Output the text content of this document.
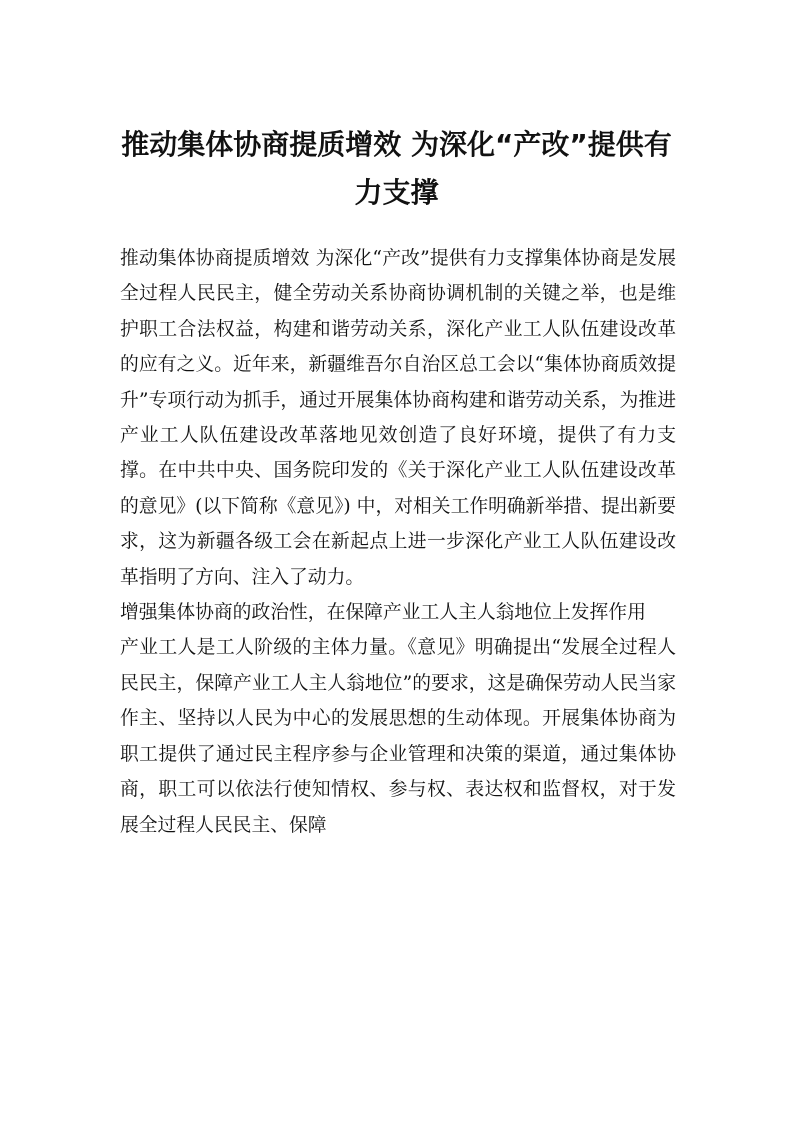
推动集体协商提质增效 为深化“产改”提供有力支撑

推动集体协商提质增效 为深化“产改”提供有力支撑集体协商是发展全过程人民民主，健全劳动关系协商协调机制的关键之举，也是维护职工合法权益，构建和谐劳动关系，深化产业工人队伍建设改革的应有之义。近年来，新疆维吾尔自治区总工会以“集体协商质效提升”专项行动为抓手，通过开展集体协商构建和谐劳动关系，为推进产业工人队伍建设改革落地见效创造了良好环境，提供了有力支撑。在中共中央、国务院印发的《关于深化产业工人队伍建设改革的意见》(以下简称《意见》) 中，对相关工作明确新举措、提出新要求，这为新疆各级工会在新起点上进一步深化产业工人队伍建设改革指明了方向、注入了动力。

增强集体协商的政治性，在保障产业工人主人翁地位上发挥作用

产业工人是工人阶级的主体力量。《意见》明确提出“发展全过程人民民主，保障产业工人主人翁地位”的要求，这是确保劳动人民当家作主、坚持以人民为中心的发展思想的生动体现。开展集体协商为职工提供了通过民主程序参与企业管理和决策的渠道，通过集体协商，职工可以依法行使知情权、参与权、表达权和监督权，对于发展全过程人民民主、保障
